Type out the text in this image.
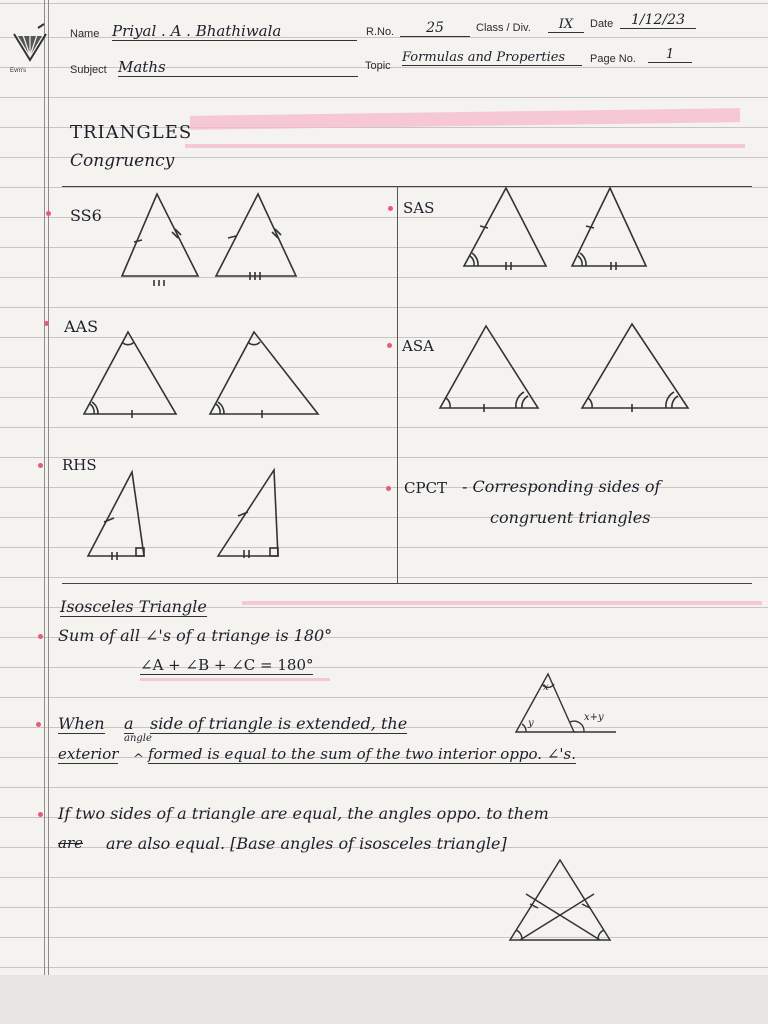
Evm's
Name Priyal . A . Bhathiwala	R.No.	25	Class / Div.	IX	Date	1/12/23
Subject Maths	Topic
Formulas and Properties	Page No.	1
TRIANGLES
Congruency
SS6	SAS
AAS
ASA
RHS
CPCT - Corresponding sides of
congruent triangles
Isosceles Triangle
Sum of all ∠'s of a triange is 180°
∠A + ∠B + ∠C = 180°
When a
angle
side of triangle is extended, the
exterior ^ formed is equal to the sum of the two interior oppo. ∠'s.
x
y
x+y
If two sides of a triangle are equal, the angles oppo. to them
are are also equal. [Base angles of isosceles triangle]
